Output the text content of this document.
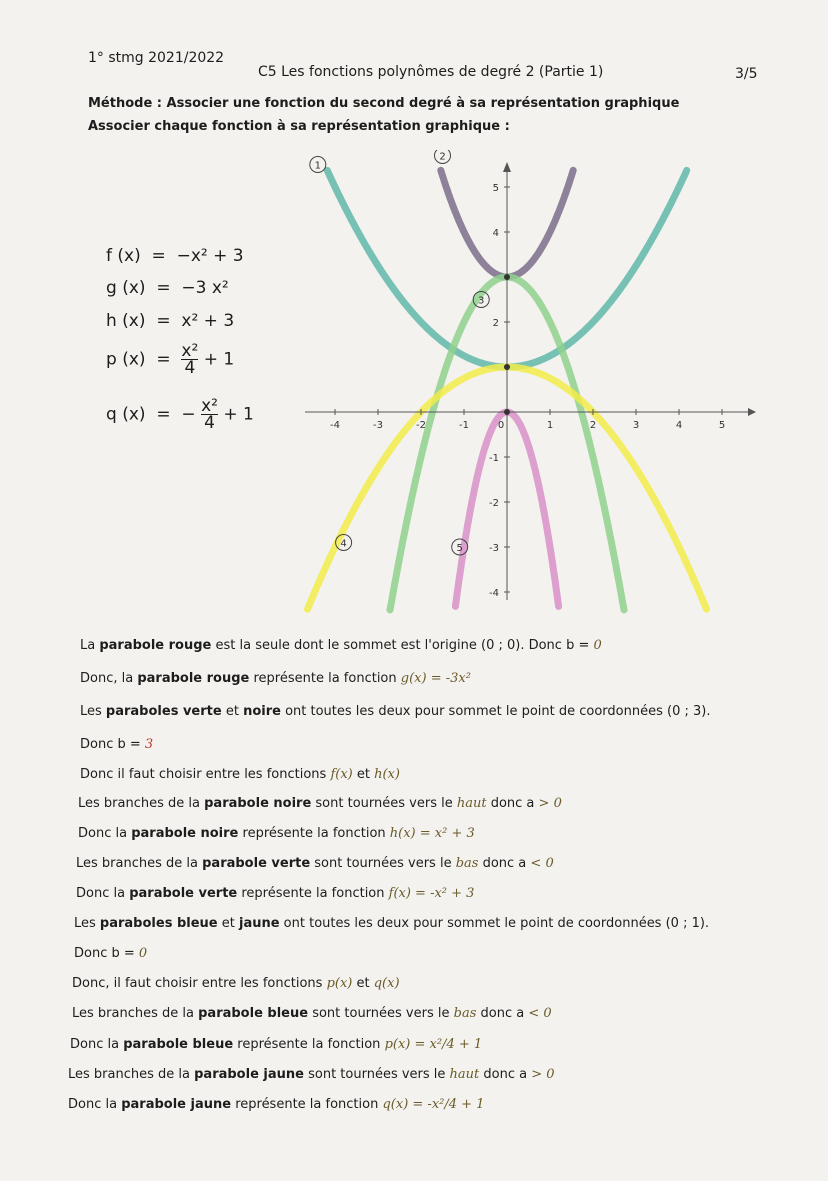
1° stmg 2021/2022
C5 Les fonctions polynômes de degré 2 (Partie 1)	3/5
Méthode : Associer une fonction du second degré à sa représentation graphique
Associer chaque fonction à sa représentation graphique :
f (x)  =  −x² + 3
g (x)  =  −3 x²
h (x)  =  x² + 3
p $(x) = \frac{\text{x²}}{4} + 1$
q (x)  =  − $\frac{\text{x²}}{4} + 1$
-4	-3	-2	-1	0	1	2	3	4	5
5
4
2
-1
-2
-3
-4
1
2
3
4	5
La parabole rouge est la seule dont le sommet est l'origine (0 ; 0). Donc b = 0
Donc, la parabole rouge représente la fonction g(x) = -3x²
Les paraboles verte et noire ont toutes les deux pour sommet le point de coordonnées (0 ; 3).
Donc b = 3
Donc il faut choisir entre les fonctions f(x) et h(x)
Les branches de la parabole noire sont tournées vers le haut donc a > 0
Donc la parabole noire représente la fonction h(x) = x² + 3
Les branches de la parabole verte sont tournées vers le bas donc a < 0
Donc la parabole verte représente la fonction f(x) = -x² + 3
Les paraboles bleue et jaune ont toutes les deux pour sommet le point de coordonnées (0 ; 1).
Donc b = 0
Donc, il faut choisir entre les fonctions p(x) et q(x)
Les branches de la parabole bleue sont tournées vers le bas donc a < 0
Donc la parabole bleue représente la fonction p(x) = x²/4 + 1
Les branches de la parabole jaune sont tournées vers le haut donc a > 0
Donc la parabole jaune représente la fonction q(x) = -x²/4 + 1
